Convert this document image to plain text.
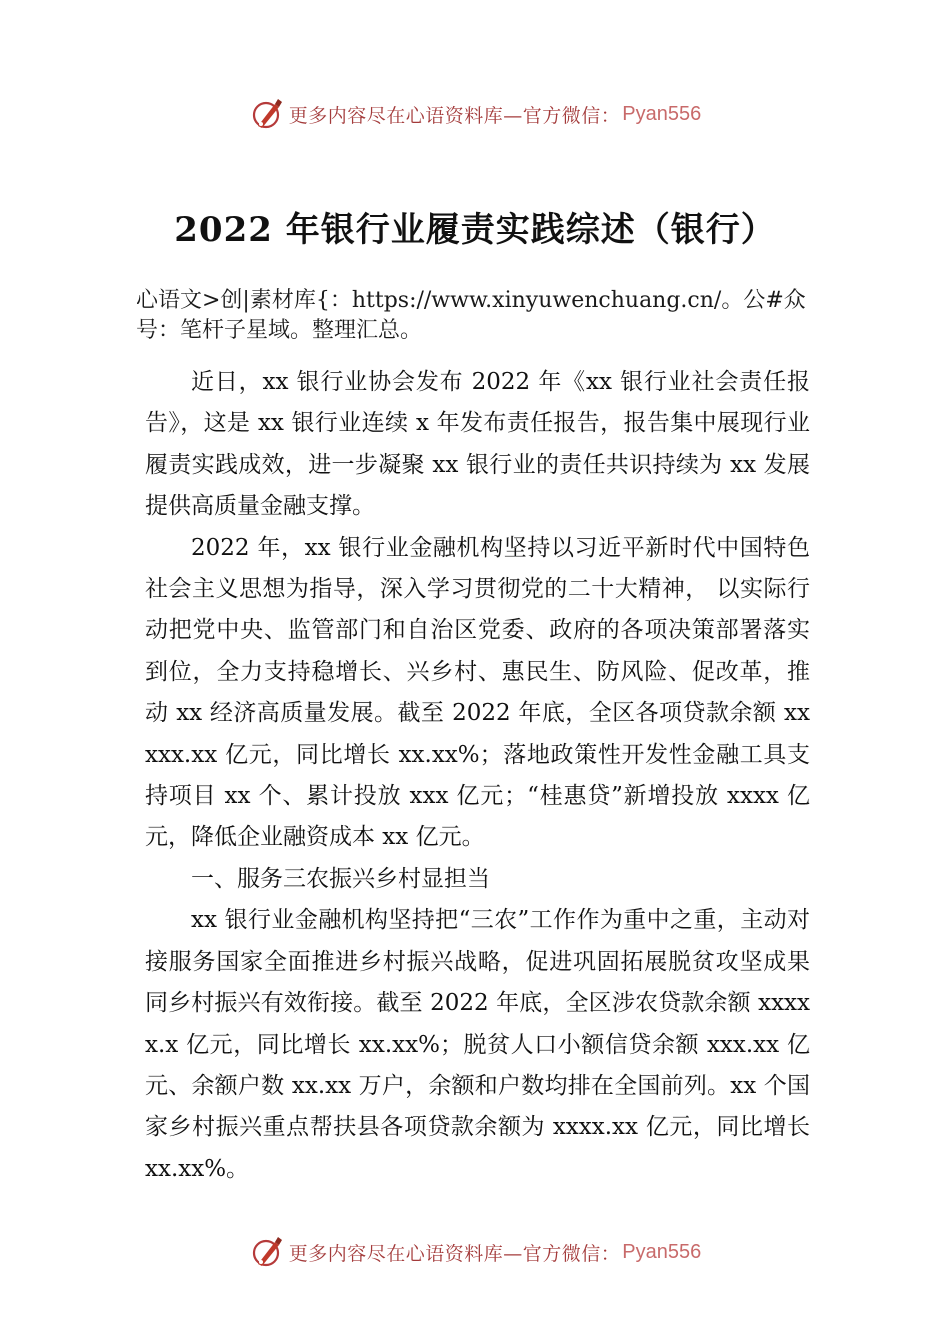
更多内容尽在心语资料库—官方微信： Pyan556
2022 年银行业履责实践综述（银行）
心语文>创|素材库{：https://www.xinyuwenchuang.cn/。公#众号：笔杆子星域。整理汇总。

近日，xx 银行业协会发布 2022 年《xx 银行业社会责任报告》，这是 xx 银行业连续 x 年发布责任报告，报告集中展现行业履责实践成效，进一步凝聚 xx 银行业的责任共识持续为 xx 发展提供高质量金融支撑。

2022 年，xx 银行业金融机构坚持以习近平新时代中国特色社会主义思想为指导，深入学习贯彻党的二十大精神， 以实际行动把党中央、监管部门和自治区党委、政府的各项决策部署落实到位，全力支持稳增长、兴乡村、惠民生、防风险、促改革，推动 xx 经济高质量发展。截至 2022 年底，全区各项贷款余额 xxxxx.xx 亿元，同比增长 xx.xx%；落地政策性开发性金融工具支持项目 xx 个、累计投放 xxx 亿元；“桂惠贷”新增投放 xxxx 亿元，降低企业融资成本 xx 亿元。

一、服务三农振兴乡村显担当

xx 银行业金融机构坚持把“三农”工作作为重中之重，主动对接服务国家全面推进乡村振兴战略，促进巩固拓展脱贫攻坚成果同乡村振兴有效衔接。截至 2022 年底，全区涉农贷款余额 xxxxx.x 亿元，同比增长 xx.xx%；脱贫人口小额信贷余额 xxx.xx 亿元、余额户数 xx.xx 万户，余额和户数均排在全国前列。xx 个国家乡村振兴重点帮扶县各项贷款余额为 xxxx.xx 亿元，同比增长 xx.xx%。

更多内容尽在心语资料库—官方微信： Pyan556
